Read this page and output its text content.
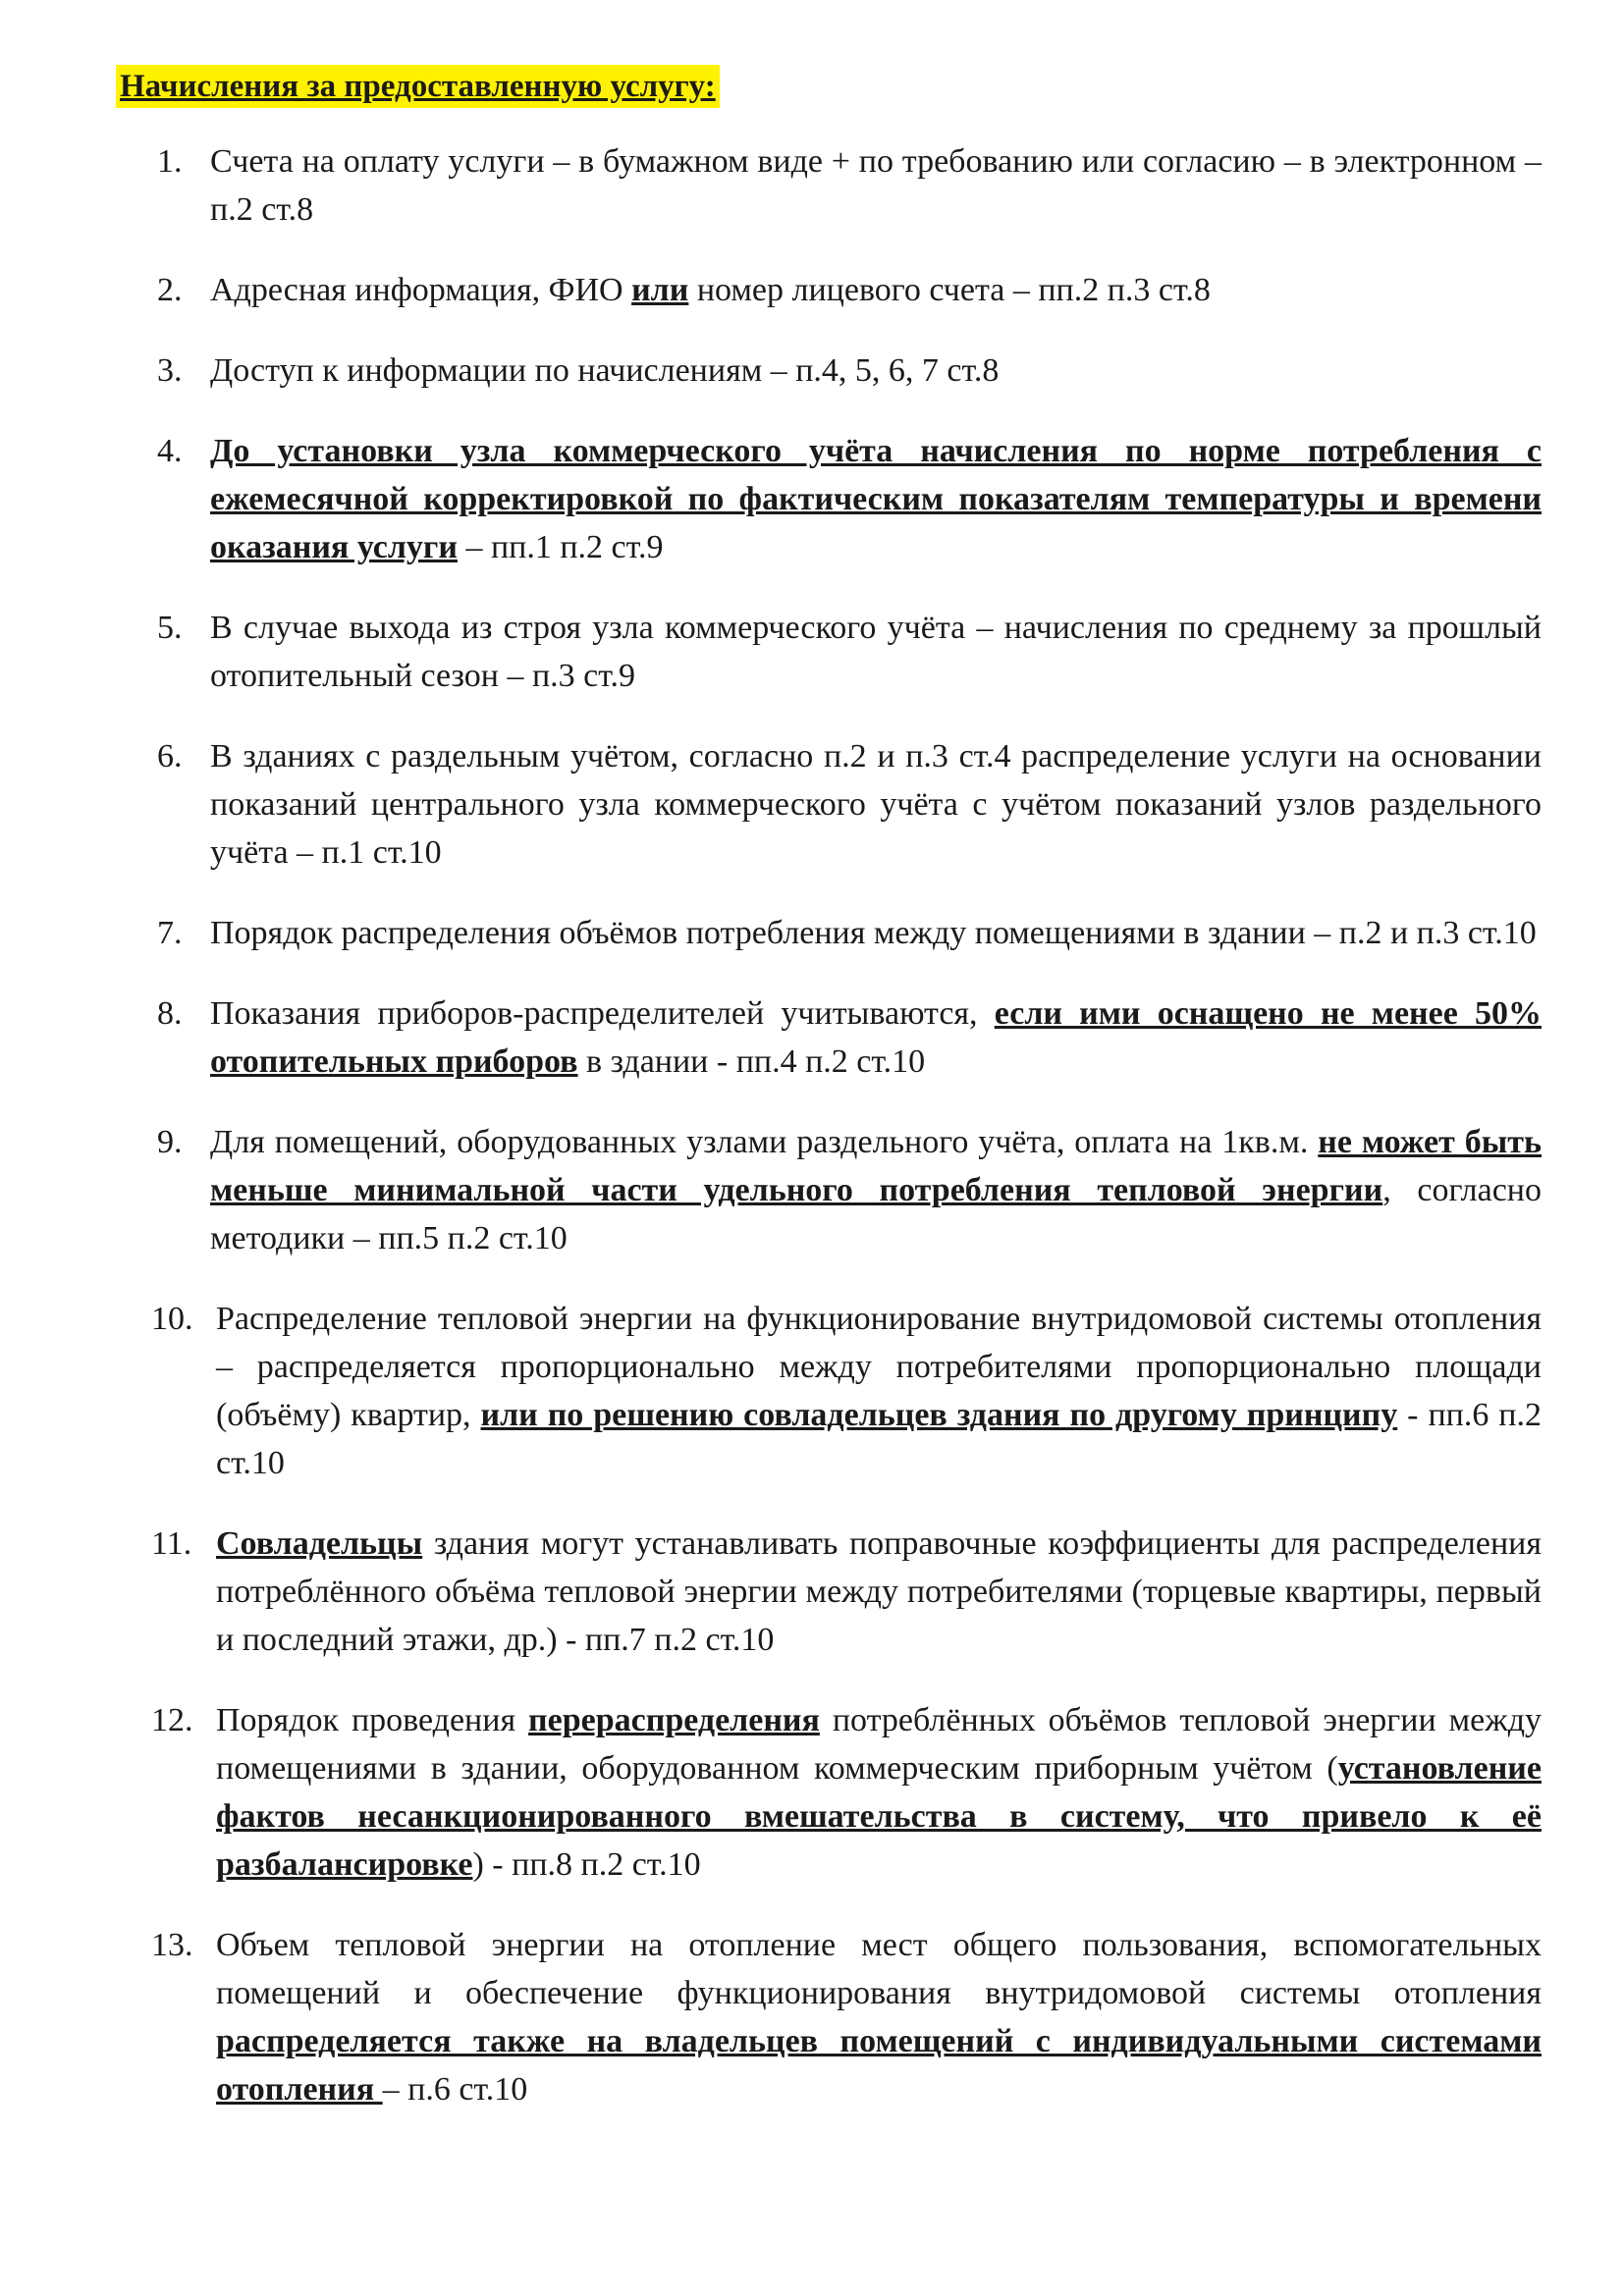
Начисления за предоставленную услугу:
1. Счета на оплату услуги – в бумажном виде + по требованию или согласию – в электронном – п.2 ст.8
2. Адресная информация, ФИО или номер лицевого счета – пп.2 п.3 ст.8
3. Доступ к информации по начислениям – п.4, 5, 6, 7 ст.8
4. До установки узла коммерческого учёта начисления по норме потребления с ежемесячной корректировкой по фактическим показателям температуры и времени оказания услуги – пп.1 п.2 ст.9
5. В случае выхода из строя узла коммерческого учёта – начисления по среднему за прошлый отопительный сезон – п.3 ст.9
6. В зданиях с раздельным учётом, согласно п.2 и п.3 ст.4 распределение услуги на основании показаний центрального узла коммерческого учёта с учётом показаний узлов раздельного учёта – п.1 ст.10
7. Порядок распределения объёмов потребления между помещениями в здании – п.2 и п.3 ст.10
8. Показания приборов-распределителей учитываются, если ими оснащено не менее 50% отопительных приборов в здании - пп.4 п.2 ст.10
9. Для помещений, оборудованных узлами раздельного учёта, оплата на 1кв.м. не может быть меньше минимальной части удельного потребления тепловой энергии, согласно методики – пп.5 п.2 ст.10
10. Распределение тепловой энергии на функционирование внутридомовой системы отопления – распределяется пропорционально между потребителями пропорционально площади (объёму) квартир, или по решению совладельцев здания по другому принципу - пп.6 п.2 ст.10
11. Совладельцы здания могут устанавливать поправочные коэффициенты для распределения потреблённого объёма тепловой энергии между потребителями (торцевые квартиры, первый и последний этажи, др.) - пп.7 п.2 ст.10
12. Порядок проведения перераспределения потреблённых объёмов тепловой энергии между помещениями в здании, оборудованном коммерческим приборным учётом (установление фактов несанкционированного вмешательства в систему, что привело к её разбалансировке) - пп.8 п.2 ст.10
13. Объем тепловой энергии на отопление мест общего пользования, вспомогательных помещений и обеспечение функционирования внутридомовой системы отопления распределяется также на владельцев помещений с индивидуальными системами отопления – п.6 ст.10
